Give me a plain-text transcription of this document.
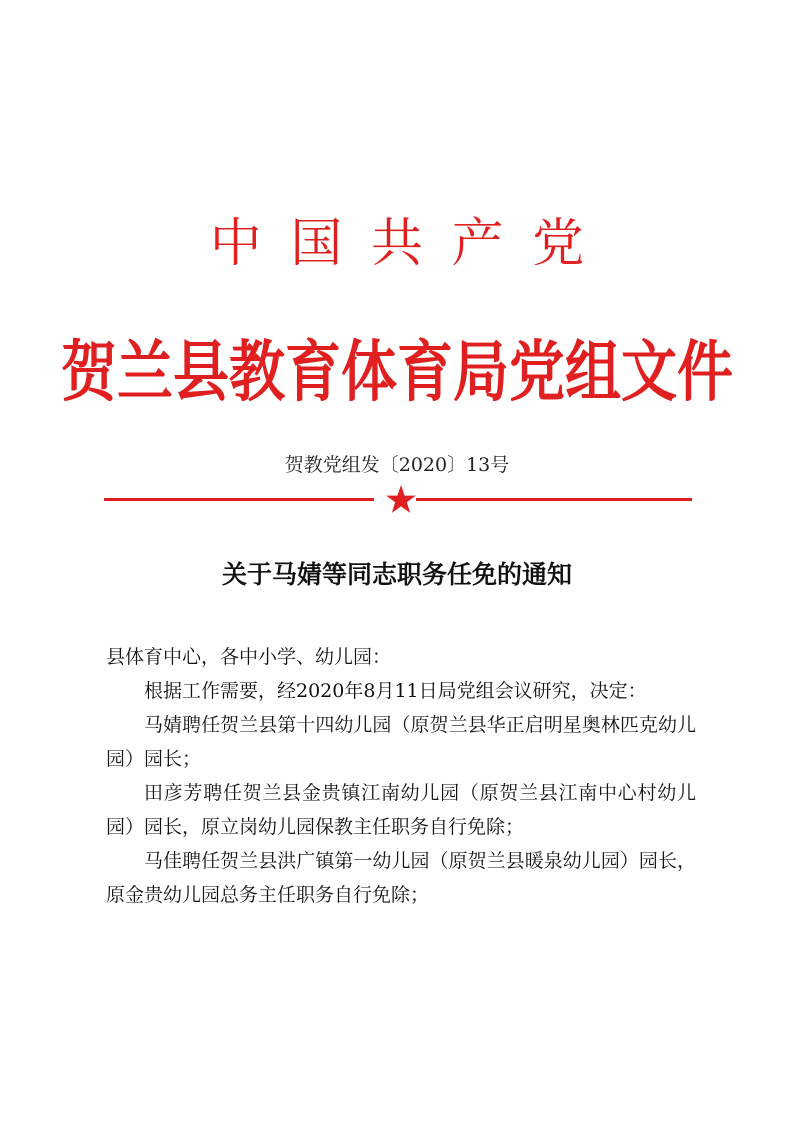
中国共产党
贺兰县教育体育局党组文件
贺教党组发〔2020〕13号
关于马婧等同志职务任免的通知

县体育中心，各中小学、幼儿园：

根据工作需要，经2020年8月11日局党组会议研究，决定：

马婧聘任贺兰县第十四幼儿园（原贺兰县华正启明星奥林匹克幼儿园）园长；

田彦芳聘任贺兰县金贵镇江南幼儿园（原贺兰县江南中心村幼儿园）园长，原立岗幼儿园保教主任职务自行免除；

马佳聘任贺兰县洪广镇第一幼儿园（原贺兰县暖泉幼儿园）园长，原金贵幼儿园总务主任职务自行免除；
